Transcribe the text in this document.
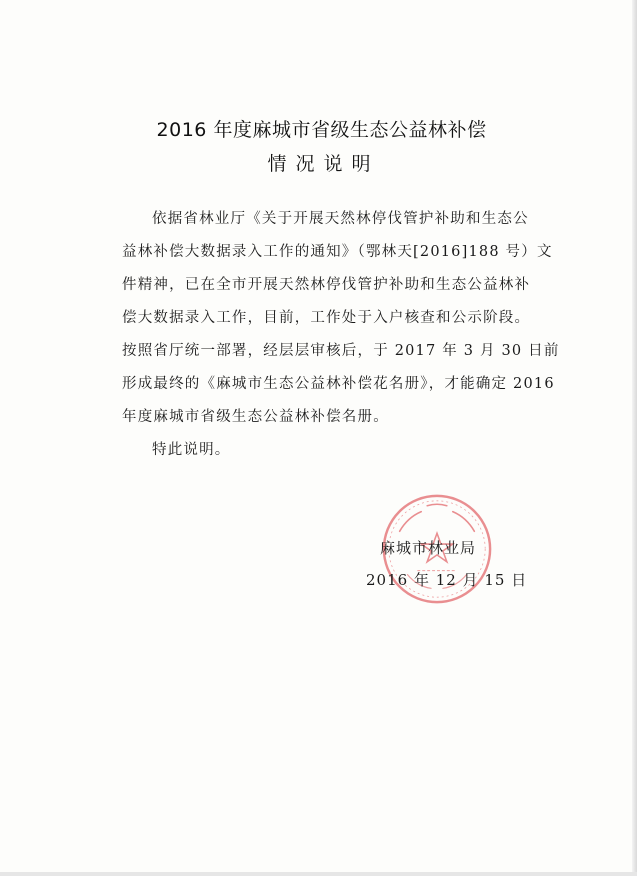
2016 年度麻城市省级生态公益林补偿
情况说明
依据省林业厅《关于开展天然林停伐管护补助和生态公
益林补偿大数据录入工作的通知》（鄂林天[2016]188 号）文
件精神，已在全市开展天然林停伐管护补助和生态公益林补
偿大数据录入工作，目前，工作处于入户核查和公示阶段。
按照省厅统一部署，经层层审核后，于 2017 年 3 月 30 日前
形成最终的《麻城市生态公益林补偿花名册》，才能确定 2016
年度麻城市省级生态公益林补偿名册。
特此说明。
麻城市林业局
2016 年 12 月 15 日
